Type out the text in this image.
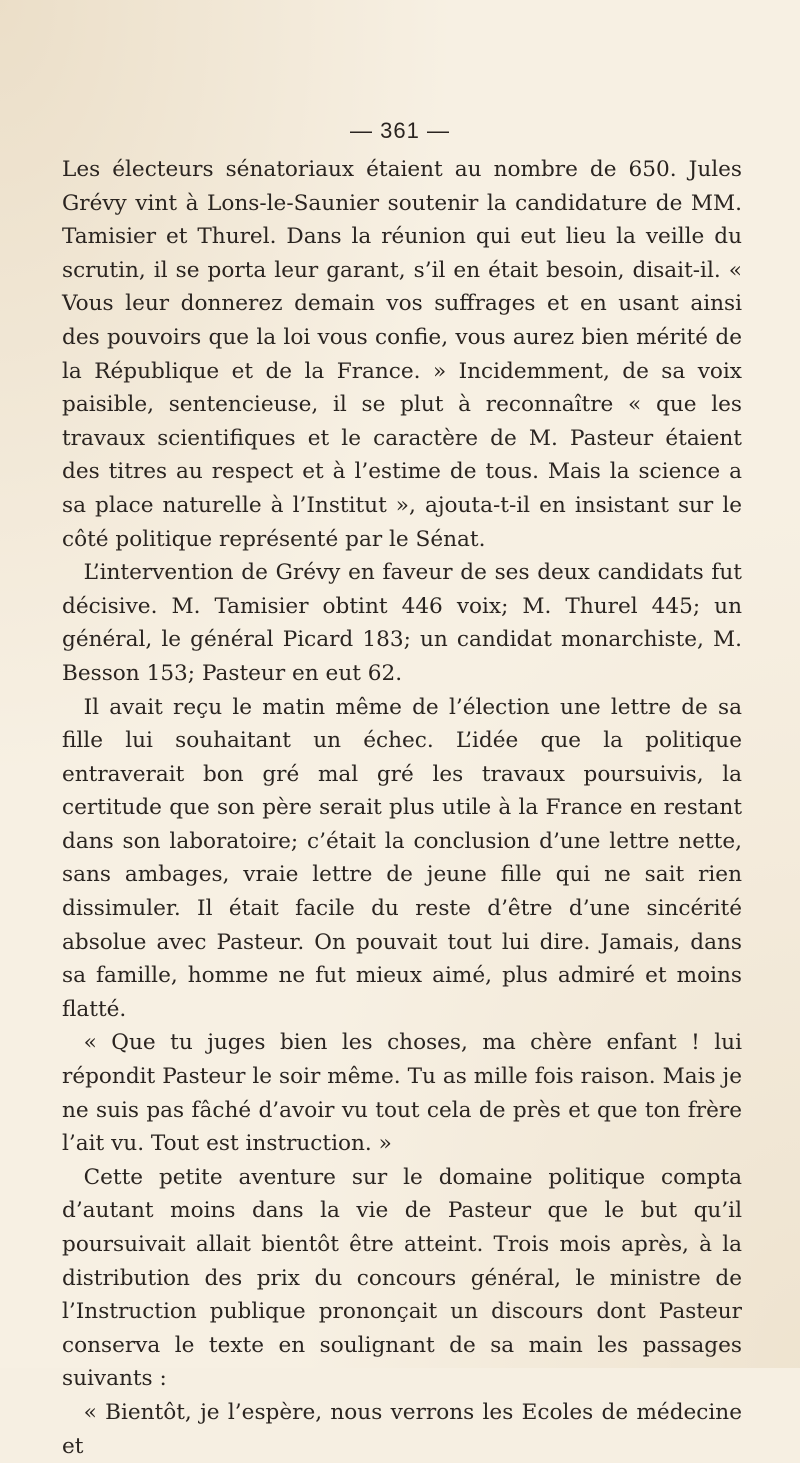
— 361 —

Les électeurs sénatoriaux étaient au nombre de 650. Jules Grévy vint à Lons-le-Saunier soutenir la candidature de MM. Tamisier et Thurel. Dans la réunion qui eut lieu la veille du scrutin, il se porta leur garant, s’il en était besoin, disait-il. « Vous leur donnerez demain vos suffrages et en usant ainsi des pouvoirs que la loi vous confie, vous aurez bien mérité de la République et de la France. » Incidemment, de sa voix paisible, sentencieuse, il se plut à reconnaître « que les travaux scientifiques et le caractère de M. Pasteur étaient des titres au respect et à l’estime de tous. Mais la science a sa place naturelle à l’Institut », ajouta-t-il en insistant sur le côté politique représenté par le Sénat.

L’intervention de Grévy en faveur de ses deux candidats fut décisive. M. Tamisier obtint 446 voix; M. Thurel 445; un général, le général Picard 183; un candidat monarchiste, M. Besson 153; Pasteur en eut 62.

Il avait reçu le matin même de l’élection une lettre de sa fille lui souhaitant un échec. L’idée que la politique entraverait bon gré mal gré les travaux poursuivis, la certitude que son père serait plus utile à la France en restant dans son laboratoire; c’était la conclusion d’une lettre nette, sans ambages, vraie lettre de jeune fille qui ne sait rien dissimuler. Il était facile du reste d’être d’une sincérité absolue avec Pasteur. On pouvait tout lui dire. Jamais, dans sa famille, homme ne fut mieux aimé, plus admiré et moins flatté.

« Que tu juges bien les choses, ma chère enfant ! lui répondit Pasteur le soir même. Tu as mille fois raison. Mais je ne suis pas fâché d’avoir vu tout cela de près et que ton frère l’ait vu. Tout est instruction. »

Cette petite aventure sur le domaine politique compta d’autant moins dans la vie de Pasteur que le but qu’il poursuivait allait bientôt être atteint. Trois mois après, à la distribution des prix du concours général, le ministre de l’Instruction publique prononçait un discours dont Pasteur conserva le texte en soulignant de sa main les passages suivants :

« Bientôt, je l’espère, nous verrons les Ecoles de médecine et
